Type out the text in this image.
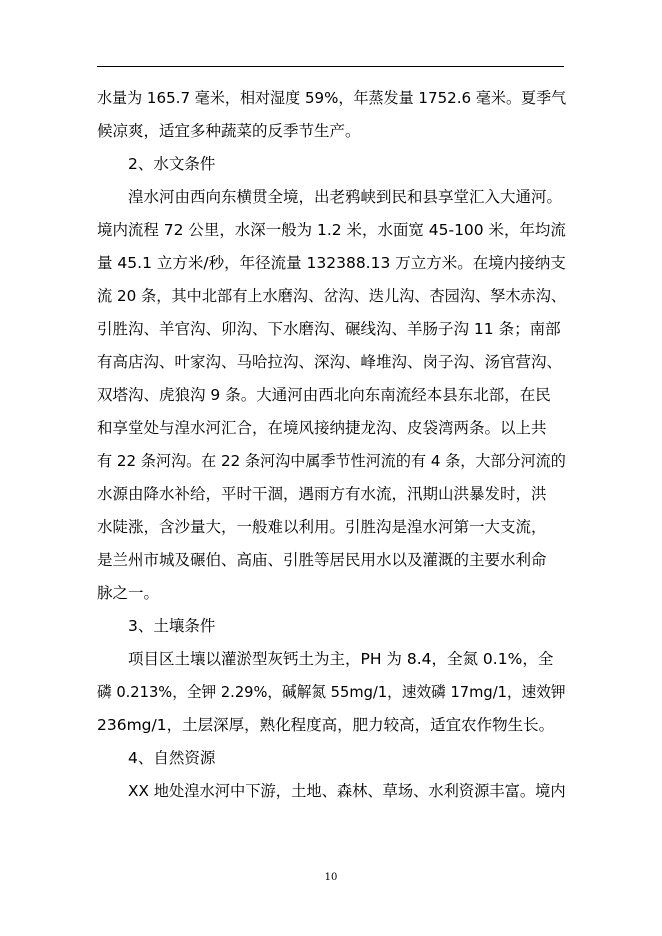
水量为 165.7 毫米，相对湿度 59%，年蒸发量 1752.6 毫米。夏季气
候凉爽，适宜多种蔬菜的反季节生产。
2、水文条件
湟水河由西向东横贯全境，出老鸦峡到民和县享堂汇入大通河。
境内流程 72 公里，水深一般为 1.2 米，水面宽 45-100 米，年均流
量 45.1 立方米/秒，年径流量 132388.13 万立方米。在境内接纳支
流 20 条，其中北部有上水磨沟、岔沟、迭儿沟、杏园沟、孥木赤沟、
引胜沟、羊官沟、卯沟、下水磨沟、碾线沟、羊肠子沟 11 条；南部
有高店沟、叶家沟、马哈拉沟、深沟、峰堆沟、岗子沟、汤官营沟、
双塔沟、虎狼沟 9 条。大通河由西北向东南流经本县东北部，在民
和享堂处与湟水河汇合，在境风接纳捷龙沟、皮袋湾两条。以上共
有 22 条河沟。在 22 条河沟中属季节性河流的有 4 条，大部分河流的
水源由降水补给，平时干涸，遇雨方有水流，汛期山洪暴发时，洪
水陡涨，含沙量大，一般难以利用。引胜沟是湟水河第一大支流，
是兰州市城及碾伯、高庙、引胜等居民用水以及灌溉的主要水利命
脉之一。
3、土壤条件
项目区土壤以灌淤型灰钙土为主，PH 为 8.4，全氮 0.1%，全
磷 0.213%，全钾 2.29%，碱解氮 55mg/1，速效磷 17mg/1，速效钾
236mg/1，土层深厚，熟化程度高，肥力较高，适宜农作物生长。
4、自然资源
XX 地处湟水河中下游，土地、森林、草场、水利资源丰富。境内
10
